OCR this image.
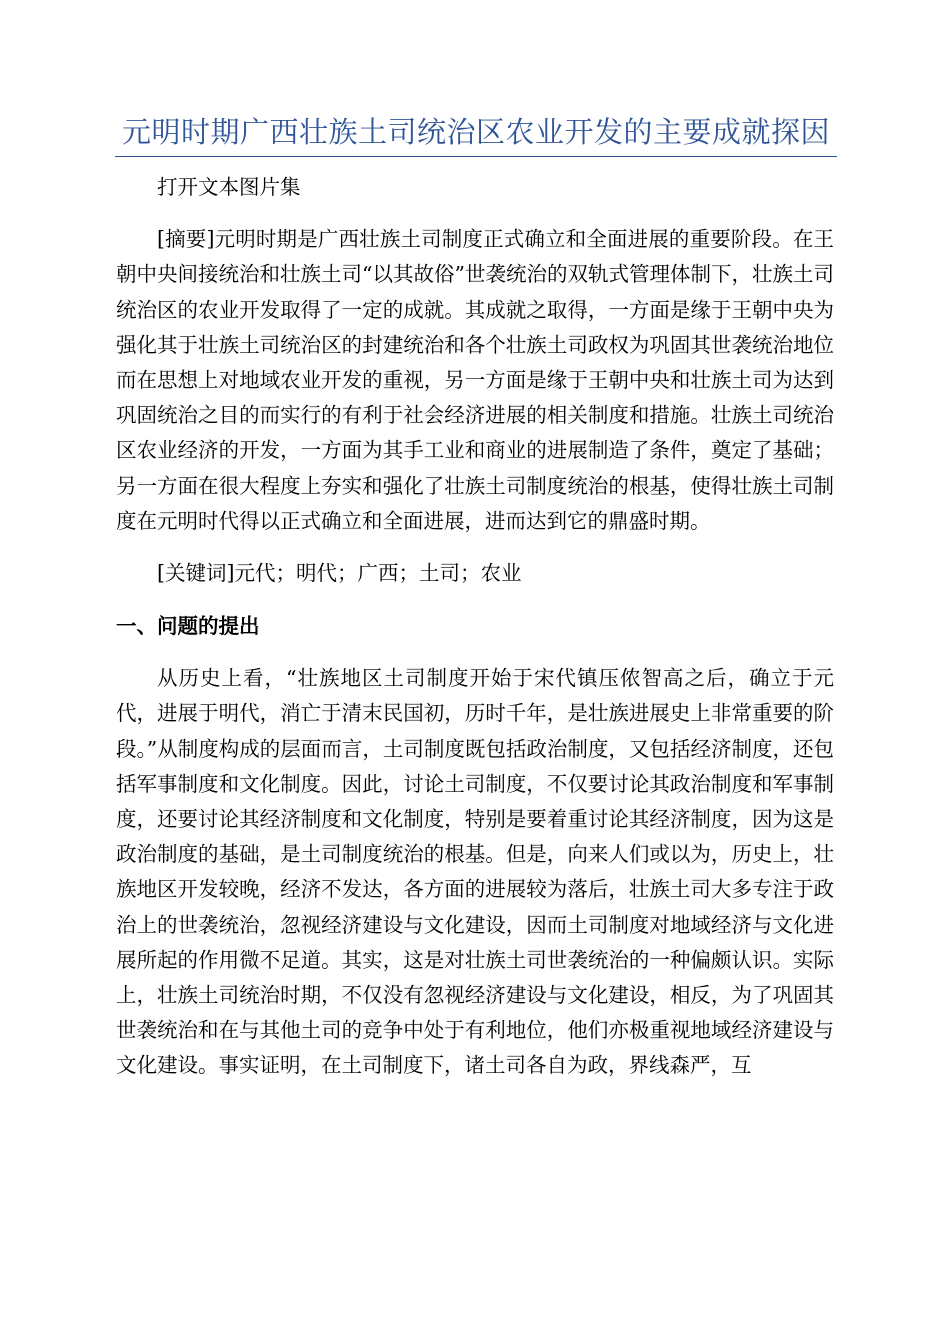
元明时期广西壮族土司统治区农业开发的主要成就探因

打开文本图片集

[摘要]元明时期是广西壮族土司制度正式确立和全面进展的重要阶段。在王朝中央间接统治和壮族土司“以其故俗”世袭统治的双轨式管理体制下，壮族土司统治区的农业开发取得了一定的成就。其成就之取得，一方面是缘于王朝中央为强化其于壮族土司统治区的封建统治和各个壮族土司政权为巩固其世袭统治地位而在思想上对地域农业开发的重视，另一方面是缘于王朝中央和壮族土司为达到巩固统治之目的而实行的有利于社会经济进展的相关制度和措施。壮族土司统治区农业经济的开发，一方面为其手工业和商业的进展制造了条件，奠定了基础；另一方面在很大程度上夯实和强化了壮族土司制度统治的根基，使得壮族土司制度在元明时代得以正式确立和全面进展，进而达到它的鼎盛时期。

[关键词]元代；明代；广西；土司；农业

一、问题的提出

从历史上看，“壮族地区土司制度开始于宋代镇压侬智高之后，确立于元代，进展于明代，消亡于清末民国初，历时千年，是壮族进展史上非常重要的阶段。”从制度构成的层面而言，土司制度既包括政治制度，又包括经济制度，还包括军事制度和文化制度。因此，讨论土司制度，不仅要讨论其政治制度和军事制度，还要讨论其经济制度和文化制度，特别是要着重讨论其经济制度，因为这是政治制度的基础，是土司制度统治的根基。但是，向来人们或以为，历史上，壮族地区开发较晚，经济不发达，各方面的进展较为落后，壮族土司大多专注于政治上的世袭统治，忽视经济建设与文化建设，因而土司制度对地域经济与文化进展所起的作用微不足道。其实，这是对壮族土司世袭统治的一种偏颇认识。实际上，壮族土司统治时期，不仅没有忽视经济建设与文化建设，相反，为了巩固其世袭统治和在与其他土司的竞争中处于有利地位，他们亦极重视地域经济建设与文化建设。事实证明，在土司制度下，诸土司各自为政，界线森严，互
